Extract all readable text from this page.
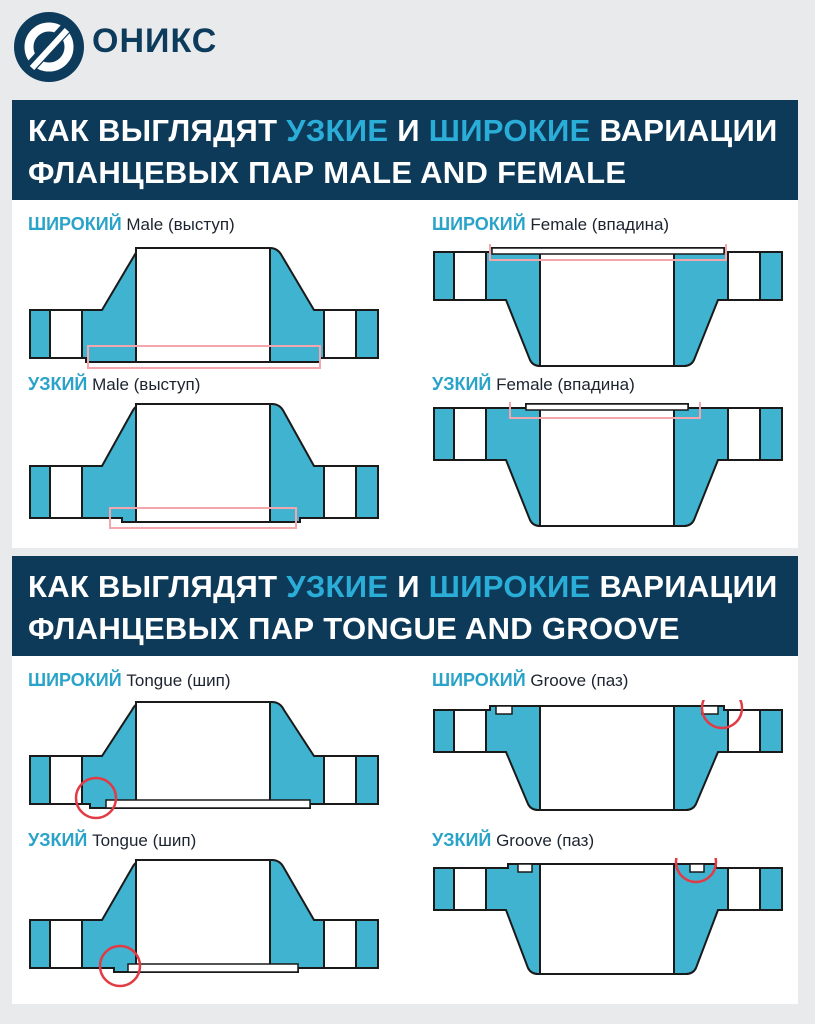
ОНИКС
КАК ВЫГЛЯДЯТ УЗКИЕ И ШИРОКИЕ ВАРИАЦИИ
ФЛАНЦЕВЫХ ПАР MALE AND FEMALE
ШИРОКИЙ Male (выступ)	ШИРОКИЙ Female (впадина)
УЗКИЙ Male (выступ)	УЗКИЙ Female (впадина)
КАК ВЫГЛЯДЯТ УЗКИЕ И ШИРОКИЕ ВАРИАЦИИ
ФЛАНЦЕВЫХ ПАР TONGUE AND GROOVE
ШИРОКИЙ Tongue (шип)	ШИРОКИЙ Groove (паз)
УЗКИЙ Tongue (шип)	УЗКИЙ Groove (паз)
